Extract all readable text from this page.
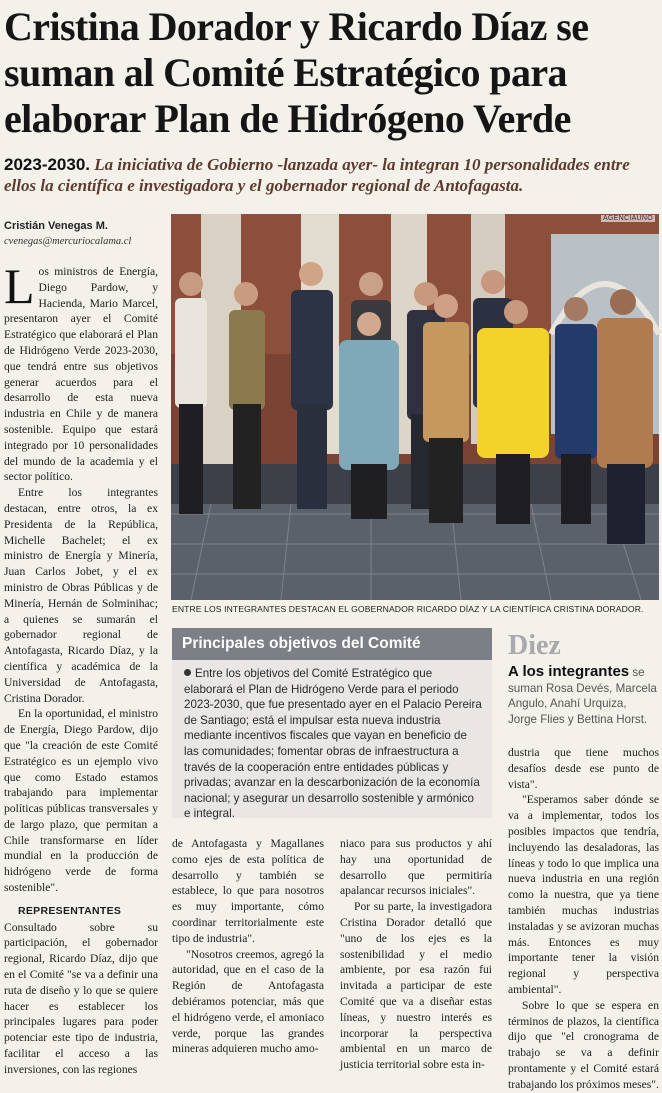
Cristina Dorador y Ricardo Díaz se suman al Comité Estratégico para elaborar Plan de Hidrógeno Verde
2023-2030. La iniciativa de Gobierno -lanzada ayer- la integran 10 personalidades entre ellos la científica e investigadora y el gobernador regional de Antofagasta.
Cristián Venegas M.
cvenegas@mercuriocalama.cl

Los ministros de Energía, Diego Pardow, y Hacienda, Mario Marcel, presentaron ayer el Comité Estratégico que elaborará el Plan de Hidrógeno Verde 2023-2030, que tendrá entre sus objetivos generar acuerdos para el desarrollo de esta nueva industria en Chile y de manera sostenible. Equipo que estará integrado por 10 personalidades del mundo de la academia y el sector político.

Entre los integrantes destacan, entre otros, la ex Presidenta de la República, Michelle Bachelet; el ex ministro de Energía y Minería, Juan Carlos Jobet, y el ex ministro de Obras Públicas y de Minería, Hernán de Solminihac; a quienes se sumarán el gobernador regional de Antofagasta, Ricardo Díaz, y la científica y académica de la Universidad de Antofagasta, Cristina Dorador.

En la oportunidad, el ministro de Energía, Diego Pardow, dijo que "la creación de este Comité Estratégico es un ejemplo vivo que como Estado estamos trabajando para implementar políticas públicas transversales y de largo plazo, que permitan a Chile transformarse en líder mundial en la producción de hidrógeno verde de forma sostenible".

REPRESENTANTES

Consultado sobre su participación, el gobernador regional, Ricardo Díaz, dijo que en el Comité "se va a definir una ruta de diseño y lo que se quiere hacer es establecer los principales lugares para poder potenciar este tipo de industria, facilitar el acceso a las inversiones, con las regiones

AGENCIAUNO
ENTRE LOS INTEGRANTES DESTACAN EL GOBERNADOR RICARDO DÍAZ Y LA CIENTÍFICA CRISTINA DORADOR.
Principales objetivos del Comité
Entre los objetivos del Comité Estratégico que elaborará el Plan de Hidrógeno Verde para el periodo 2023-2030, que fue presentado ayer en el Palacio Pereira de Santiago; está el impulsar esta nueva industria mediante incentivos fiscales que vayan en beneficio de las comunidades; fomentar obras de infraestructura a través de la cooperación entre entidades públicas y privadas; avanzar en la descarbonización de la economía nacional; y asegurar un desarrollo sostenible y armónico e integral.
Diez
A los integrantes se suman Rosa Devés, Marcela Angulo, Anahí Urquiza, Jorge Flies y Bettina Horst.

de Antofagasta y Magallanes como ejes de esta política de desarrollo y también se establece, lo que para nosotros es muy importante, cómo coordinar territorialmente este tipo de industria".

"Nosotros creemos, agregó la autoridad, que en el caso de la Región de Antofagasta debiéramos potenciar, más que el hidrógeno verde, el amoniaco verde, porque las grandes mineras adquieren mucho amo-

niaco para sus productos y ahí hay una oportunidad de desarrollo que permitiría apalancar recursos iniciales".

Por su parte, la investigadora Cristina Dorador detalló que "uno de los ejes es la sostenibilidad y el medio ambiente, por esa razón fui invitada a participar de este Comité que va a diseñar estas líneas, y nuestro interés es incorporar la perspectiva ambiental en un marco de justicia territorial sobre esta in-

dustria que tiene muchos desafíos desde ese punto de vista".

"Esperamos saber dónde se va a implementar, todos los posibles impactos que tendría, incluyendo las desaladoras, las líneas y todo lo que implica una nueva industria en una región como la nuestra, que ya tiene también muchas industrias instaladas y se avizoran muchas más. Entonces es muy importante tener la visión regional y perspectiva ambiental".

Sobre lo que se espera en términos de plazos, la científica dijo que "el cronograma de trabajo se va a definir prontamente y el Comité estará trabajando los próximos meses".
